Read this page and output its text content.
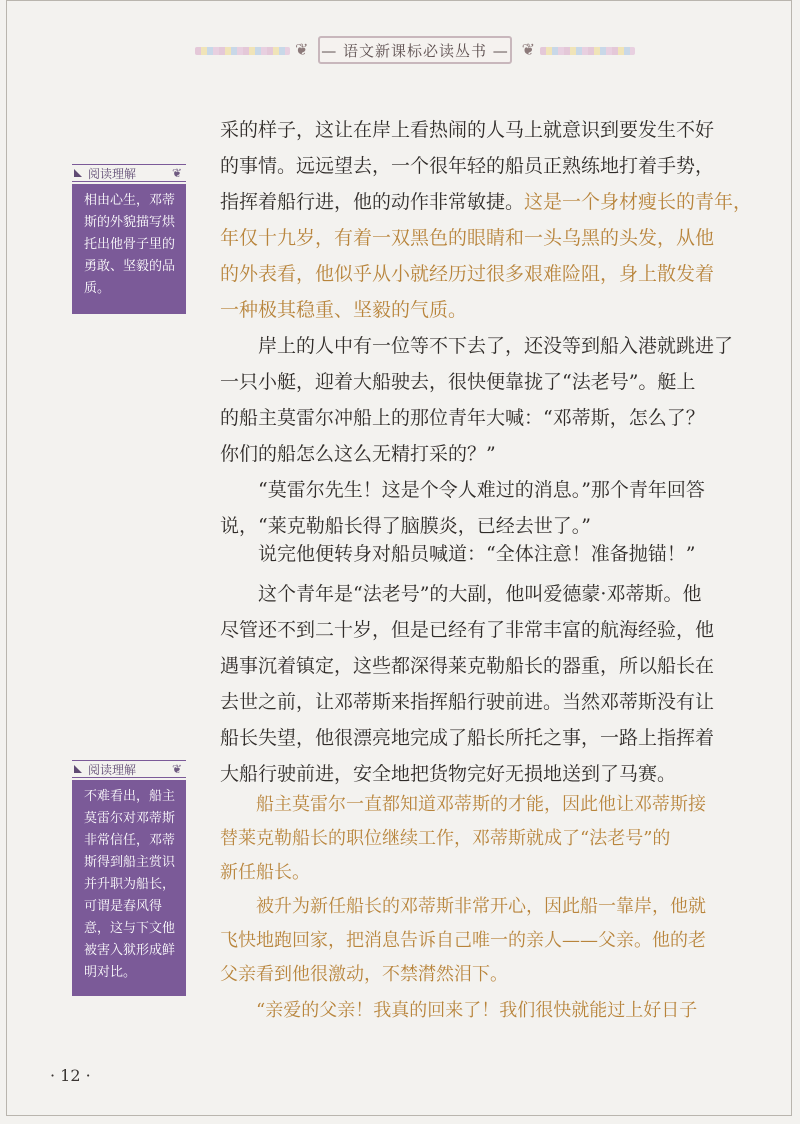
❦ — 语文新课标必读丛书 — ❦
阅读理解	❦
相由心生，邓蒂
斯的外貌描写烘
托出他骨子里的
勇敢、坚毅的品
质。
阅读理解	❦
不难看出，船主
莫雷尔对邓蒂斯
非常信任，邓蒂
斯得到船主赏识
并升职为船长，
可谓是春风得
意，这与下文他
被害入狱形成鲜
明对比。
采的样子，这让在岸上看热闹的人马上就意识到要发生不好
的事情。远远望去，一个很年轻的船员正熟练地打着手势，
指挥着船行进，他的动作非常敏捷。这是一个身材瘦长的青年，
年仅十九岁，有着一双黑色的眼睛和一头乌黑的头发，从他
的外表看，他似乎从小就经历过很多艰难险阻，身上散发着
一种极其稳重、坚毅的气质。
岸上的人中有一位等不下去了，还没等到船入港就跳进了
一只小艇，迎着大船驶去，很快便靠拢了“法老号”。艇上
的船主莫雷尔冲船上的那位青年大喊：“邓蒂斯，怎么了？
你们的船怎么这么无精打采的？”
“莫雷尔先生！这是个令人难过的消息。”那个青年回答
说，“莱克勒船长得了脑膜炎，已经去世了。”
说完他便转身对船员喊道：“全体注意！准备抛锚！”
这个青年是“法老号”的大副，他叫爱德蒙·邓蒂斯。他
尽管还不到二十岁，但是已经有了非常丰富的航海经验，他
遇事沉着镇定，这些都深得莱克勒船长的器重，所以船长在
去世之前，让邓蒂斯来指挥船行驶前进。当然邓蒂斯没有让
船长失望，他很漂亮地完成了船长所托之事，一路上指挥着
大船行驶前进，安全地把货物完好无损地送到了马赛。
船主莫雷尔一直都知道邓蒂斯的才能，因此他让邓蒂斯接
替莱克勒船长的职位继续工作，邓蒂斯就成了“法老号”的
新任船长。
被升为新任船长的邓蒂斯非常开心，因此船一靠岸，他就
飞快地跑回家，把消息告诉自己唯一的亲人——父亲。他的老
父亲看到他很激动，不禁潸然泪下。
“亲爱的父亲！我真的回来了！我们很快就能过上好日子
· 12 ·
